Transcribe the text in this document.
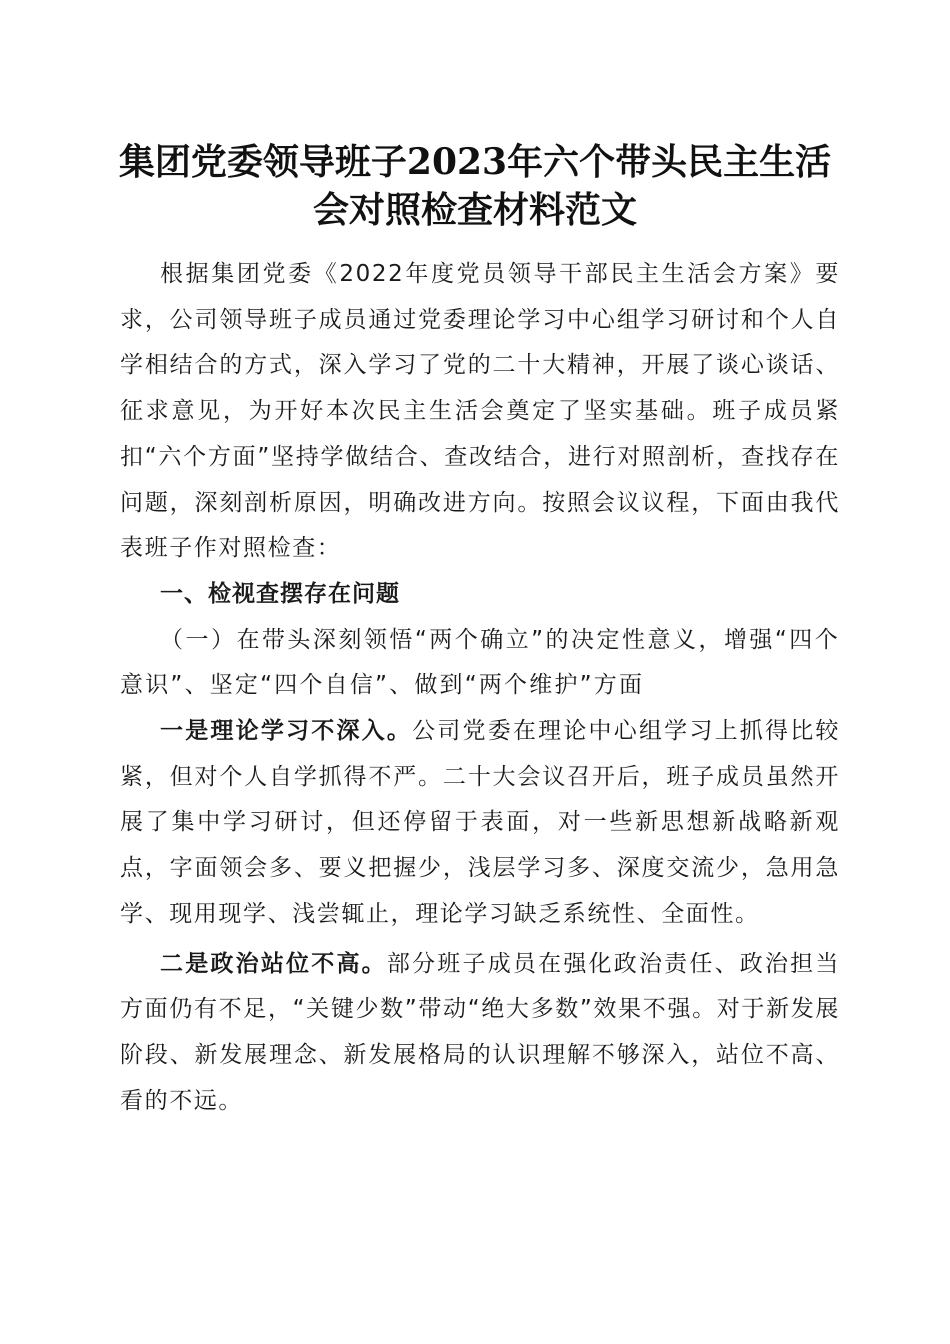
集团党委领导班子2023年六个带头民主生活
会对照检查材料范文

根据集团党委《2022年度党员领导干部民主生活会方案》要求，公司领导班子成员通过党委理论学习中心组学习研讨和个人自学相结合的方式，深入学习了党的二十大精神，开展了谈心谈话、征求意见，为开好本次民主生活会奠定了坚实基础。班子成员紧扣“六个方面”坚持学做结合、查改结合，进行对照剖析，查找存在问题，深刻剖析原因，明确改进方向。按照会议议程，下面由我代表班子作对照检查：

一、检视查摆存在问题

（一）在带头深刻领悟“两个确立”的决定性意义，增强“四个意识”、坚定“四个自信”、做到“两个维护”方面

一是理论学习不深入。公司党委在理论中心组学习上抓得比较紧，但对个人自学抓得不严。二十大会议召开后，班子成员虽然开展了集中学习研讨，但还停留于表面，对一些新思想新战略新观点，字面领会多、要义把握少，浅层学习多、深度交流少，急用急学、现用现学、浅尝辄止，理论学习缺乏系统性、全面性。

二是政治站位不高。部分班子成员在强化政治责任、政治担当方面仍有不足，“关键少数”带动“绝大多数”效果不强。对于新发展阶段、新发展理念、新发展格局的认识理解不够深入，站位不高、看的不远。
